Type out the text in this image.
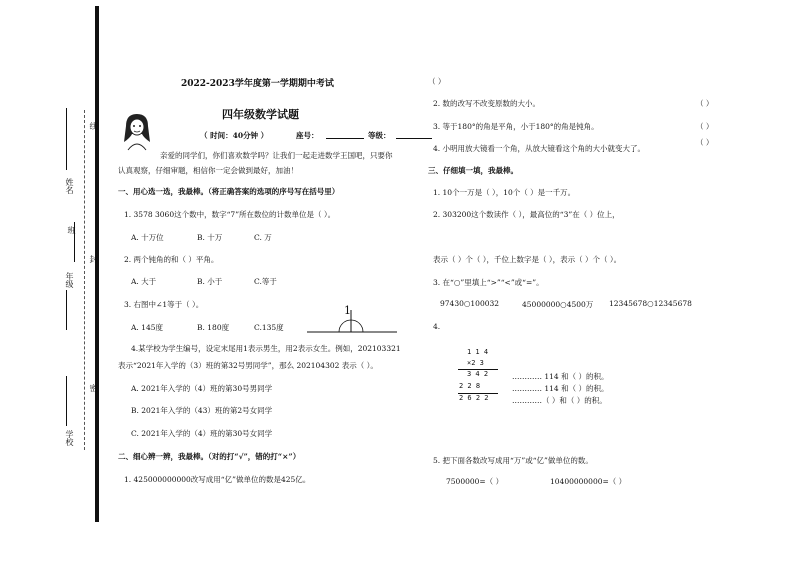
线
封
密
姓名
班
年级
学校
2022-2023学年度第一学期期中考试
四年级数学试题
（ 时间：40分钟 ）	座号：	等级：
亲爱的同学们，你们喜欢数学吗？让我们一起走进数学王国吧，只要你
认真观察，仔细审题，相信你一定会做到最好，加油！
一、用心选一选，我最棒。（将正确答案的选项的序号写在括号里）
1. 3578 3060这个数中，数字“7”所在数位的计数单位是（ ）。
A. 十万位	B. 十万	C. 万
2. 两个钝角的和（ ）平角。
A. 大于	B. 小于	C.等于
3. 右图中∠1等于（ ）。
A. 145度	B. 180度	C.135度
1
4.某学校为学生编号，设定末尾用1表示男生，用2表示女生。例如，202103321
表示“2021年入学的（3）班的第32号男同学”，那么 202104302 表示（ ）。
A. 2021年入学的（4）班的第30号男同学
B. 2021年入学的（43）班的第2号女同学
C. 2021年入学的（4）班的第30号女同学
二、细心辨一辨，我最棒。（对的打“√”，错的打“×”）
1. 425000000000改写成用“亿”做单位的数是425亿。
（ ）
2. 数的改写不改变原数的大小。	（ ）
3. 等于180°的角是平角，小于180°的角是钝角。	（ ）
4. 小明用放大镜看一个角，从放大镜看这个角的大小就变大了。
（ ）
三、仔细填一填，我最棒。
1. 10个一万是（ ），10个（ ）是一千万。
2. 303200这个数读作（ ），最高位的“3”在（ ）位上，
表示（ ）个（ ），千位上数字是（ ），表示（ ）个（ ）。
3. 在“○”里填上“>”“<”或“=”。
97430○100032	45000000○4500万 12345678○12345678
4.
1 1 4
×2 3
3 4 2
2 2 8
2 6 2 2
………… 114 和（ ）的积。
………… 114 和（ ）的积。
…………（ ）和（ ）的积。
5. 把下面各数改写成用“万”或“亿”做单位的数。
7500000=（ ）	10400000000=（ ）
